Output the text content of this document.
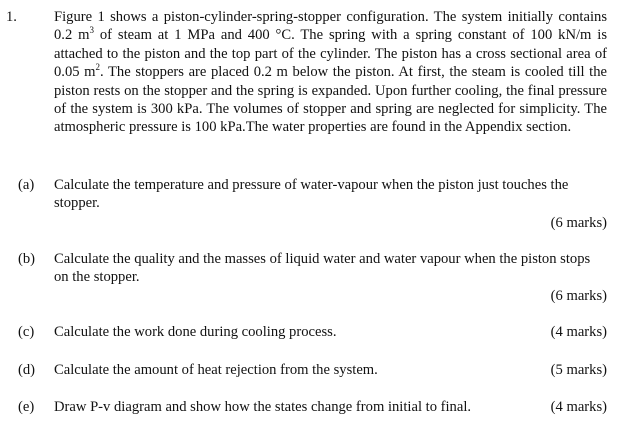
1.	Figure 1 shows a piston-cylinder-spring-stopper configuration. The system initially contains 0.2 $m^3$ of steam at 1 MPa and 400 °C. The spring with a spring constant of 100 kN/m is attached to the piston and the top part of the cylinder. The piston has a cross sectional area of 0.05 $m^2$. The stoppers are placed 0.2 m below the piston. At first, the steam is cooled till the piston rests on the stopper and the spring is expanded. Upon further cooling, the final pressure of the system is 300 kPa. The volumes of stopper and spring are neglected for simplicity. The atmospheric pressure is 100 kPa.The water properties are found in the Appendix section.

(a) Calculate the temperature and pressure of water-vapour when the piston just touches the stopper.

(6 marks)
(b) Calculate the quality and the masses of liquid water and water vapour when the piston stops on the stopper.

(6 marks)
(c) Calculate the work done during cooling process.	(4 marks)
(d) Calculate the amount of heat rejection from the system.	(5 marks)
(e) Draw P-v diagram and show how the states change from initial to final.	(4 marks)
